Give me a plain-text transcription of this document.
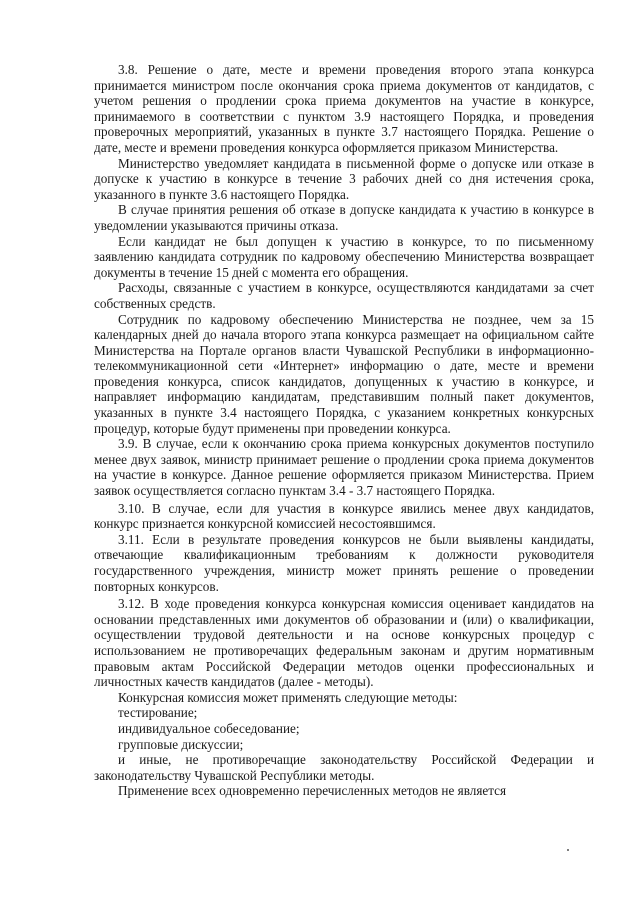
3.8. Решение о дате, месте и времени проведения второго этапа конкурса принимается министром после окончания срока приема документов от кандидатов, с учетом решения о продлении срока приема документов на участие в конкурсе, принимаемого в соответствии с пунктом 3.9 настоящего Порядка, и проведения проверочных мероприятий, указанных в пункте 3.7 настоящего Порядка. Решение о дате, месте и времени проведения конкурса оформляется приказом Министерства.

Министерство уведомляет кандидата в письменной форме о допуске или отказе в допуске к участию в конкурсе в течение 3 рабочих дней со дня истечения срока, указанного в пункте 3.6 настоящего Порядка.

В случае принятия решения об отказе в допуске кандидата к участию в конкурсе в уведомлении указываются причины отказа.

Если кандидат не был допущен к участию в конкурсе, то по письменному заявлению кандидата сотрудник по кадровому обеспечению Министерства возвращает документы в течение 15 дней с момента его обращения.

Расходы, связанные с участием в конкурсе, осуществляются кандидатами за счет собственных средств.

Сотрудник по кадровому обеспечению Министерства не позднее, чем за 15 календарных дней до начала второго этапа конкурса размещает на официальном сайте Министерства на Портале органов власти Чувашской Республики в информационно-телекоммуникационной сети «Интернет» информацию о дате, месте и времени проведения конкурса, список кандидатов, допущенных к участию в конкурсе, и направляет информацию кандидатам, представившим полный пакет документов, указанных в пункте 3.4 настоящего Порядка, с указанием конкретных конкурсных процедур, которые будут применены при проведении конкурса.

3.9. В случае, если к окончанию срока приема конкурсных документов поступило менее двух заявок, министр принимает решение о продлении срока приема документов на участие в конкурсе. Данное решение оформляется приказом Министерства. Прием заявок осуществляется согласно пунктам 3.4 - 3.7 настоящего Порядка.

3.10. В случае, если для участия в конкурсе явились менее двух кандидатов, конкурс признается конкурсной комиссией несостоявшимся.

3.11. Если в результате проведения конкурсов не были выявлены кандидаты, отвечающие квалификационным требованиям к должности руководителя государственного учреждения, министр может принять решение о проведении повторных конкурсов.

3.12. В ходе проведения конкурса конкурсная комиссия оценивает кандидатов на основании представленных ими документов об образовании и (или) о квалификации, осуществлении трудовой деятельности и на основе конкурсных процедур с использованием не противоречащих федеральным законам и другим нормативным правовым актам Российской Федерации методов оценки профессиональных и личностных качеств кандидатов (далее - методы).

Конкурсная комиссия может применять следующие методы:

тестирование;

индивидуальное собеседование;

групповые дискуссии;

и иные, не противоречащие законодательству Российской Федерации и законодательству Чувашской Республики методы.

Применение всех одновременно перечисленных методов не является
